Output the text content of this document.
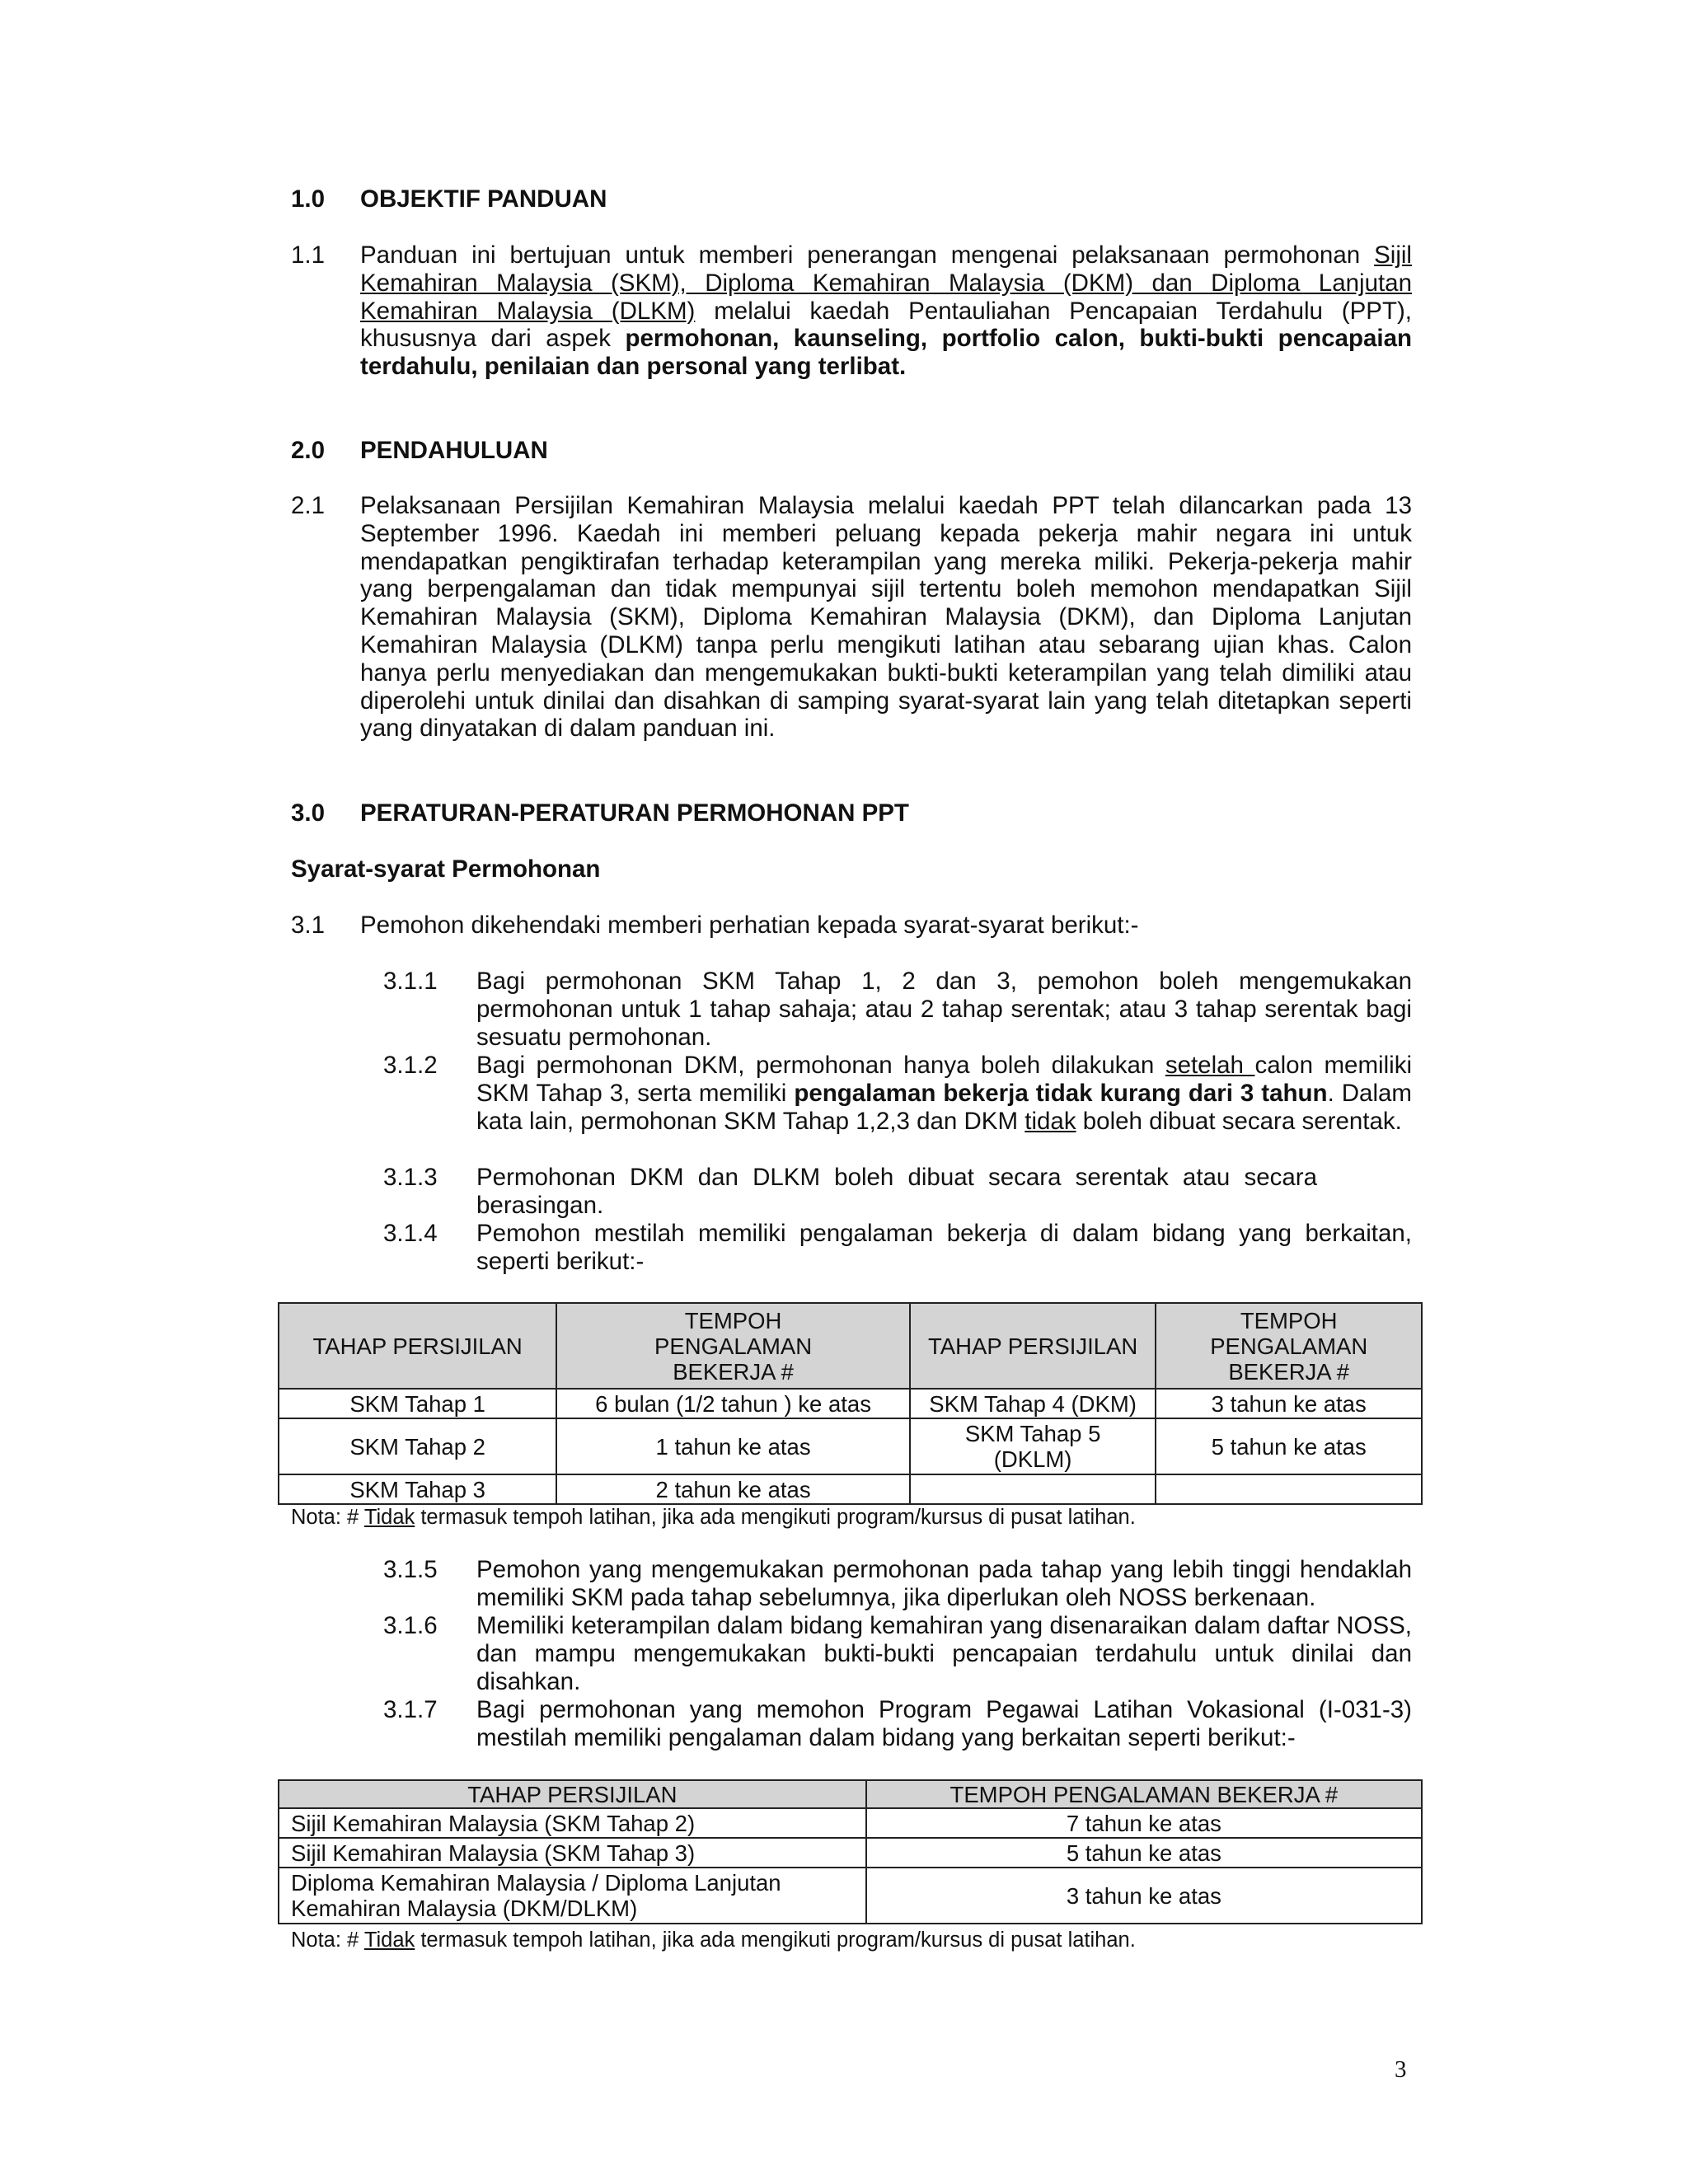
1.0 OBJEKTIF PANDUAN
1.1 Panduan ini bertujuan untuk memberi penerangan mengenai pelaksanaan permohonan Sijil Kemahiran Malaysia (SKM), Diploma Kemahiran Malaysia (DKM) dan Diploma Lanjutan Kemahiran Malaysia (DLKM) melalui kaedah Pentauliahan Pencapaian Terdahulu (PPT), khususnya dari aspek permohonan, kaunseling, portfolio calon, bukti-bukti pencapaian terdahulu, penilaian dan personal yang terlibat.
2.0 PENDAHULUAN
2.1 Pelaksanaan Persijilan Kemahiran Malaysia melalui kaedah PPT telah dilancarkan pada 13 September 1996. Kaedah ini memberi peluang kepada pekerja mahir negara ini untuk mendapatkan pengiktirafan terhadap keterampilan yang mereka miliki. Pekerja-pekerja mahir yang berpengalaman dan tidak mempunyai sijil tertentu boleh memohon mendapatkan Sijil Kemahiran Malaysia (SKM), Diploma Kemahiran Malaysia (DKM), dan Diploma Lanjutan Kemahiran Malaysia (DLKM) tanpa perlu mengikuti latihan atau sebarang ujian khas. Calon hanya perlu menyediakan dan mengemukakan bukti-bukti keterampilan yang telah dimiliki atau diperolehi untuk dinilai dan disahkan di samping syarat-syarat lain yang telah ditetapkan seperti yang dinyatakan di dalam panduan ini.
3.0 PERATURAN-PERATURAN PERMOHONAN PPT
Syarat-syarat Permohonan
3.1 Pemohon dikehendaki memberi perhatian kepada syarat-syarat berikut:-
3.1.1 Bagi permohonan SKM Tahap 1, 2 dan 3, pemohon boleh mengemukakan permohonan untuk 1 tahap sahaja; atau 2 tahap serentak; atau 3 tahap serentak bagi sesuatu permohonan.
3.1.2 Bagi permohonan DKM, permohonan hanya boleh dilakukan setelah calon memiliki SKM Tahap 3, serta memiliki pengalaman bekerja tidak kurang dari 3 tahun. Dalam kata lain, permohonan SKM Tahap 1,2,3 dan DKM tidak boleh dibuat secara serentak.
3.1.3 Permohonan DKM dan DLKM boleh dibuat secara serentak atau secara berasingan.
3.1.4 Pemohon mestilah memiliki pengalaman bekerja di dalam bidang yang berkaitan, seperti berikut:-
TAHAP PERSIJILAN	TEMPOH PENGALAMAN BEKERJA #	TAHAP PERSIJILAN	TEMPOH PENGALAMAN BEKERJA #

SKM Tahap 1	6 bulan (1/2 tahun ) ke atas	SKM Tahap 4 (DKM)	3 tahun ke atas
SKM Tahap 2	1 tahun ke atas	SKM Tahap 5 (DKLM)	5 tahun ke atas
SKM Tahap 3	2 tahun ke atas		
Nota: # Tidak termasuk tempoh latihan, jika ada mengikuti program/kursus di pusat latihan.
3.1.5 Pemohon yang mengemukakan permohonan pada tahap yang lebih tinggi hendaklah memiliki SKM pada tahap sebelumnya, jika diperlukan oleh NOSS berkenaan.
3.1.6 Memiliki keterampilan dalam bidang kemahiran yang disenaraikan dalam daftar NOSS, dan mampu mengemukakan bukti-bukti pencapaian terdahulu untuk dinilai dan disahkan.
3.1.7 Bagi permohonan yang memohon Program Pegawai Latihan Vokasional (I-031-3) mestilah memiliki pengalaman dalam bidang yang berkaitan seperti berikut:-
TAHAP PERSIJILAN	TEMPOH PENGALAMAN BEKERJA #
Sijil Kemahiran Malaysia (SKM Tahap 2)	7 tahun ke atas
Sijil Kemahiran Malaysia (SKM Tahap 3)	5 tahun ke atas

Diploma Kemahiran Malaysia / Diploma Lanjutan Kemahiran Malaysia (DKM/DLKM)	3 tahun ke atas
Nota: # Tidak termasuk tempoh latihan, jika ada mengikuti program/kursus di pusat latihan.
3
